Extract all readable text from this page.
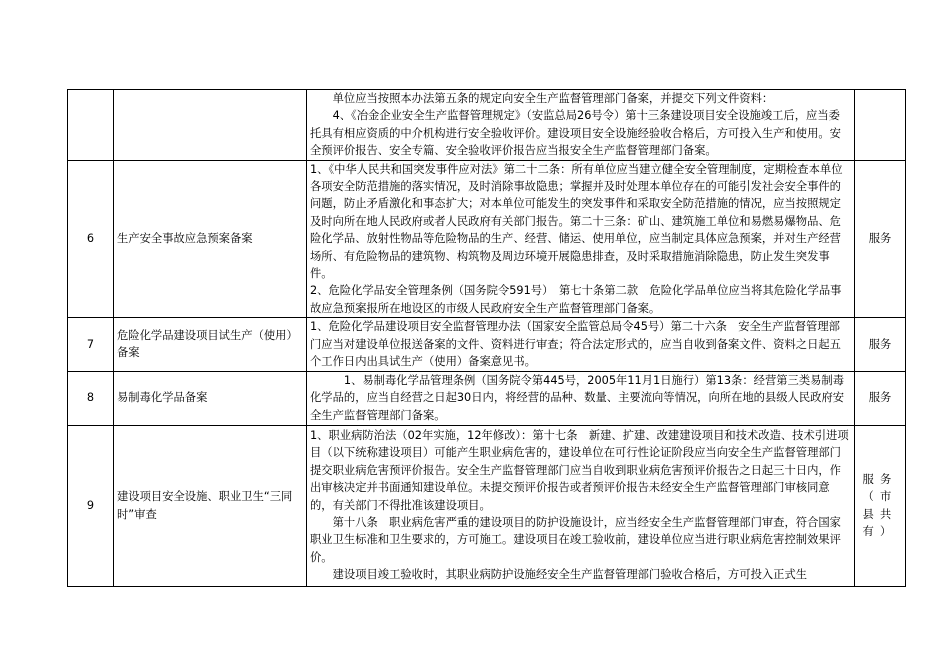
		单位应当按照本办法第五条的规定向安全生产监督管理部门备案，并提交下列文件资料：

4、《冶金企业安全生产监督管理规定》（安监总局26号令）第十三条建设项目安全设施竣工后，应当委托具有相应资质的中介机构进行安全验收评价。建设项目安全设施经验收合格后，方可投入生产和使用。安全预评价报告、安全专篇、安全验收评价报告应当报安全生产监督管理部门备案。	

6	生产安全事故应急预案备案	1、《中华人民共和国突发事件应对法》第二十二条：所有单位应当建立健全安全管理制度，定期检查本单位各项安全防范措施的落实情况，及时消除事故隐患；掌握并及时处理本单位存在的可能引发社会安全事件的问题，防止矛盾激化和事态扩大；对本单位可能发生的突发事件和采取安全防范措施的情况，应当按照规定及时向所在地人民政府或者人民政府有关部门报告。第二十三条：矿山、建筑施工单位和易燃易爆物品、危险化学品、放射性物品等危险物品的生产、经营、储运、使用单位，应当制定具体应急预案，并对生产经营场所、有危险物品的建筑物、构筑物及周边环境开展隐患排查，及时采取措施消除隐患，防止发生突发事件。

2、危险化学品安全管理条例（国务院令591号）　第七十条第二款　危险化学品单位应当将其危险化学品事故应急预案报所在地设区的市级人民政府安全生产监督管理部门备案。	服务
7	危险化学品建设项目试生产（使用）备案	1、危险化学品建设项目安全监督管理办法（国家安全监管总局令45号）第二十六条　安全生产监督管理部门应当对建设单位报送备案的文件、资料进行审查；符合法定形式的，应当自收到备案文件、资料之日起五个工作日内出具试生产（使用）备案意见书。	服务
8	易制毒化学品备案	1、易制毒化学品管理条例（国务院令第445号，2005年11月1日施行）第13条：经营第三类易制毒化学品的，应当自经营之日起30日内，将经营的品种、数量、主要流向等情况，向所在地的县级人民政府安全生产监督管理部门备案。	服务
9	建设项目安全设施、职业卫生“三同时”审查	1、职业病防治法（02年实施，12年修改）：第十七条　新建、扩建、改建建设项目和技术改造、技术引进项目（以下统称建设项目）可能产生职业病危害的，建设单位在可行性论证阶段应当向安全生产监督管理部门提交职业病危害预评价报告。安全生产监督管理部门应当自收到职业病危害预评价报告之日起三十日内，作出审核决定并书面通知建设单位。未提交预评价报告或者预评价报告未经安全生产监督管理部门审核同意的，有关部门不得批准该建设项目。

第十八条　职业病危害严重的建设项目的防护设施设计，应当经安全生产监督管理部门审查，符合国家职业卫生标准和卫生要求的，方可施工。建设项目在竣工验收前，建设单位应当进行职业病危害控制效果评价。

建设项目竣工验收时，其职业病防护设施经安全生产监督管理部门验收合格后，方可投入正式生	服务（市县共有）
